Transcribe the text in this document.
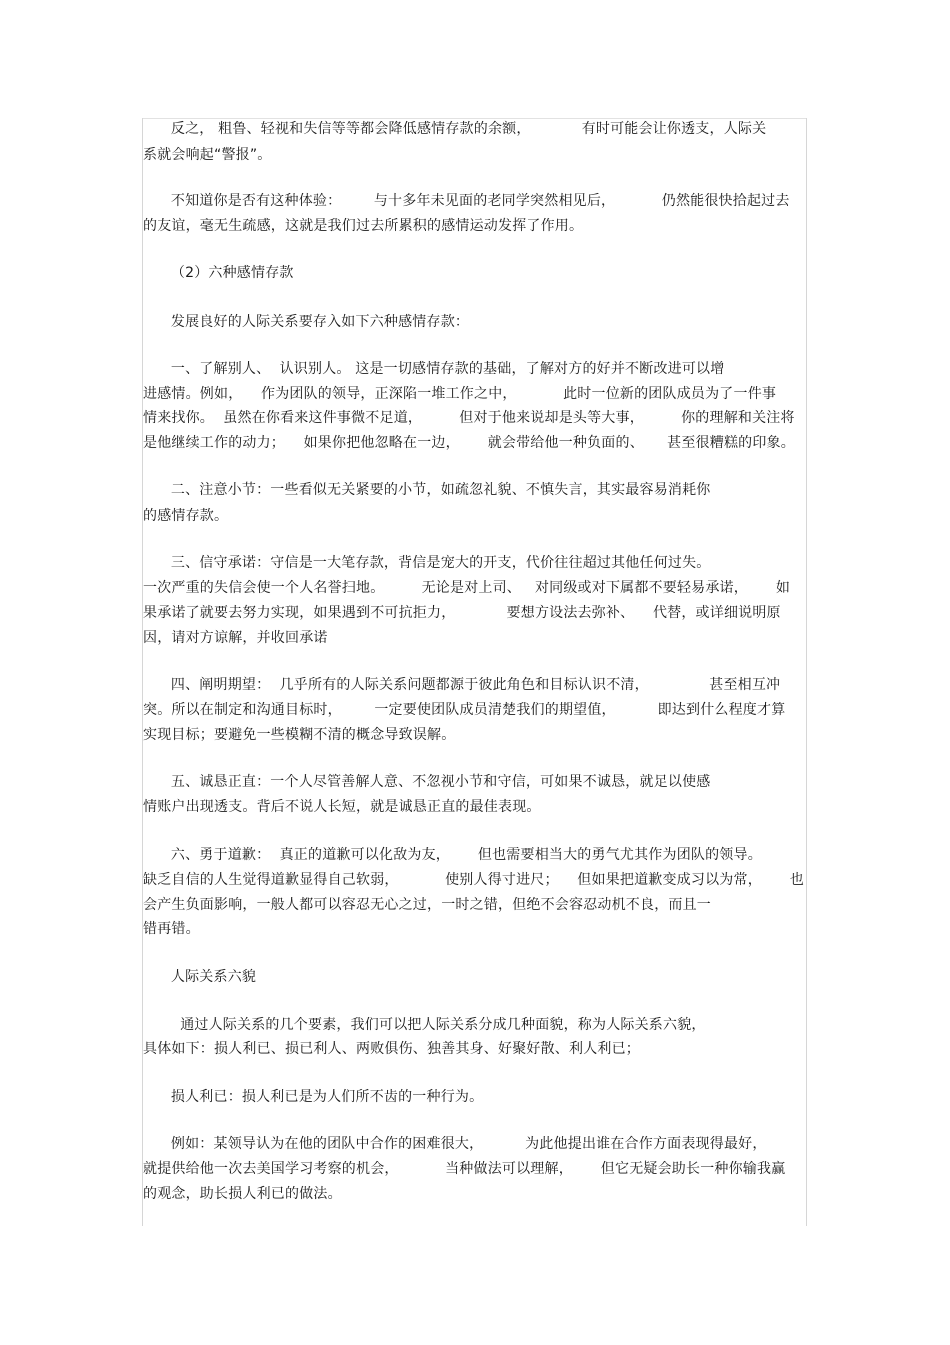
反之， 粗鲁、轻视和失信等等都会降低感情存款的余额，           有时可能会让你透支，人际关
系就会响起“警报”。
不知道你是否有这种体验：       与十多年未见面的老同学突然相见后，          仍然能很快拾起过去
的友谊，毫无生疏感，这就是我们过去所累积的感情运动发挥了作用。
（2）六种感情存款
发展良好的人际关系要存入如下六种感情存款：
一、了解别人、  认识别人。 这是一切感情存款的基础，了解对方的好并不断改进可以增
进感情。例如，    作为团队的领导，正深陷一堆工作之中，          此时一位新的团队成员为了一件事
情来找你。  虽然在你看来这件事微不足道，        但对于他来说却是头等大事，        你的理解和关注将
是他继续工作的动力；    如果你把他忽略在一边，      就会带给他一种负面的、     甚至很糟糕的印象。
二、注意小节：一些看似无关紧要的小节，如疏忽礼貌、不慎失言，其实最容易消耗你
的感情存款。
三、信守承诺：守信是一大笔存款，背信是宠大的开支，代价往往超过其他任何过失。
一次严重的失信会使一个人名誉扫地。        无论是对上司、   对同级或对下属都不要轻易承诺，      如
果承诺了就要去努力实现，如果遇到不可抗拒力，           要想方设法去弥补、    代替，或详细说明原
因，请对方谅解，并收回承诺
四、阐明期望：  几乎所有的人际关系问题都源于彼此角色和目标认识不清，             甚至相互冲
突。所以在制定和沟通目标时，       一定要使团队成员清楚我们的期望值，         即达到什么程度才算
实现目标；要避免一些模糊不清的概念导致误解。
五、诚恳正直：一个人尽管善解人意、不忽视小节和守信，可如果不诚恳，就足以使感
情账户出现透支。背后不说人长短，就是诚恳正直的最佳表现。
六、勇于道歉：  真正的道歉可以化敌为友，      但也需要相当大的勇气尤其作为团队的领导。
缺乏自信的人生觉得道歉显得自己软弱，          使别人得寸进尺；    但如果把道歉变成习以为常，      也
会产生负面影响，一般人都可以容忍无心之过，一时之错，但绝不会容忍动机不良，而且一
错再错。
人际关系六貌
通过人际关系的几个要素，我们可以把人际关系分成几种面貌，称为人际关系六貌，
具体如下：损人利已、损已利人、两败俱伤、独善其身、好聚好散、利人利已；
损人利已：损人利已是为人们所不齿的一种行为。
例如：某领导认为在他的团队中合作的困难很大，         为此他提出谁在合作方面表现得最好，
就提供给他一次去美国学习考察的机会，          当种做法可以理解，      但它无疑会助长一种你输我赢
的观念，助长损人利已的做法。
